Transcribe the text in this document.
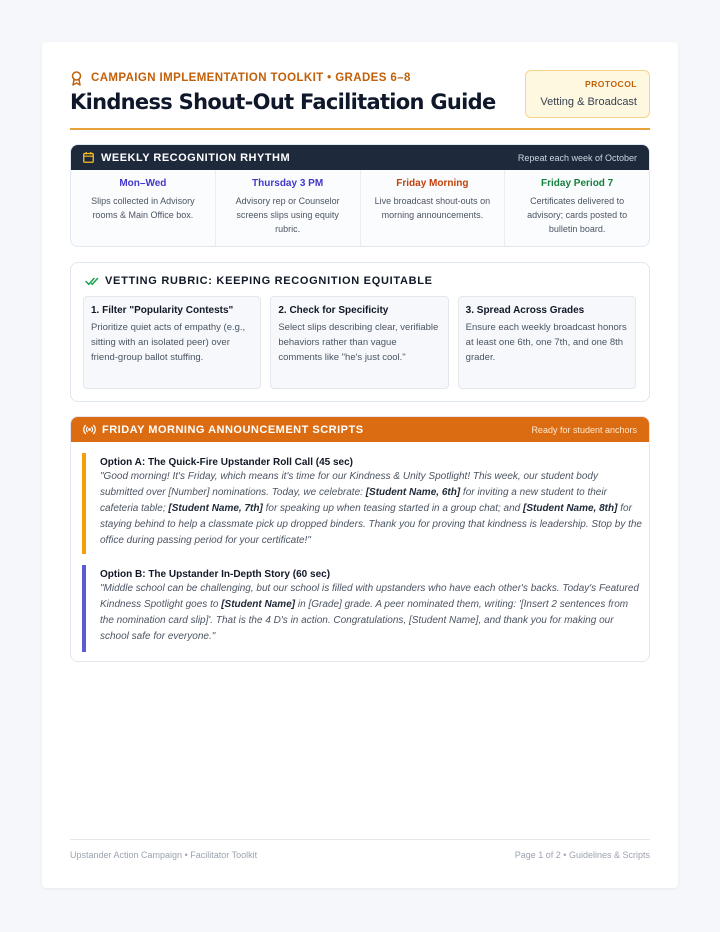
CAMPAIGN IMPLEMENTATION TOOLKIT • GRADES 6–8
Kindness Shout-Out Facilitation Guide
PROTOCOL
Vetting & Broadcast
WEEKLY RECOGNITION RHYTHM	Repeat each week of October
Mon–Wed
Slips collected in Advisory rooms & Main Office box.
Thursday 3 PM
Advisory rep or Counselor screens slips using equity rubric.
Friday Morning
Live broadcast shout-outs on morning announcements.
Friday Period 7
Certificates delivered to advisory; cards posted to bulletin board.
VETTING RUBRIC: KEEPING RECOGNITION EQUITABLE
1. Filter "Popularity Contests"
Prioritize quiet acts of empathy (e.g., sitting with an isolated peer) over friend-group ballot stuffing.
2. Check for Specificity
Select slips describing clear, verifiable behaviors rather than vague comments like "he's just cool."
3. Spread Across Grades
Ensure each weekly broadcast honors at least one 6th, one 7th, and one 8th grader.
FRIDAY MORNING ANNOUNCEMENT SCRIPTS	Ready for student anchors
Option A: The Quick-Fire Upstander Roll Call (45 sec)
"Good morning! It's Friday, which means it's time for our Kindness & Unity Spotlight! This week, our student body submitted over [Number] nominations. Today, we celebrate: [Student Name, 6th] for inviting a new student to their cafeteria table; [Student Name, 7th] for speaking up when teasing started in a group chat; and [Student Name, 8th] for staying behind to help a classmate pick up dropped binders. Thank you for proving that kindness is leadership. Stop by the office during passing period for your certificate!"
Option B: The Upstander In-Depth Story (60 sec)
"Middle school can be challenging, but our school is filled with upstanders who have each other's backs. Today's Featured Kindness Spotlight goes to [Student Name] in [Grade] grade. A peer nominated them, writing: '[Insert 2 sentences from the nomination card slip]'. That is the 4 D's in action. Congratulations, [Student Name], and thank you for making our school safe for everyone."
Upstander Action Campaign • Facilitator Toolkit	Page 1 of 2 • Guidelines & Scripts
